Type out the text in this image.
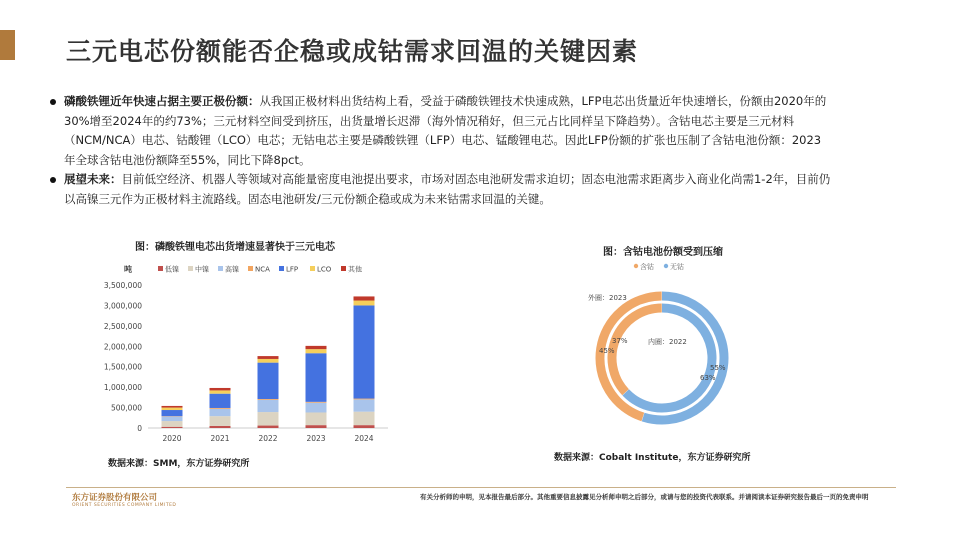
三元电芯份额能否企稳或成钴需求回温的关键因素
磷酸铁锂近年快速占据主要正极份额：从我国正极材料出货结构上看，受益于磷酸铁锂技术快速成熟，LFP电芯出货量近年快速增长，份额由2020年的
30%增至2024年的约73%；三元材料空间受到挤压，出货量增长迟滞（海外情况稍好，但三元占比同样呈下降趋势）。含钴电芯主要是三元材料
（NCM/NCA）电芯、钴酸锂（LCO）电芯；无钴电芯主要是磷酸铁锂（LFP）电芯、锰酸锂电芯。因此LFP份额的扩张也压制了含钴电池份额：2023
年全球含钴电池份额降至55%，同比下降8pct。
展望未来：目前低空经济、机器人等领域对高能量密度电池提出要求，市场对固态电池研发需求迫切；固态电池需求距离步入商业化尚需1-2年，目前仍
以高镍三元作为正极材料主流路线。固态电池研发/三元份额企稳或成为未来钴需求回温的关键。
图：磷酸铁锂电芯出货增速显著快于三元电芯
吨
0
500,000
1,000,000
1,500,000
2,000,000
2,500,000
3,000,000
3,500,000
低镍 中镍 高镍 NCA LFP	LCO 其他
2020	2021	2022	2023	2024
数据来源：SMM，东方证券研究所
图：含钴电池份额受到压缩
含钴 无钴
外圈：2023
内圈：2022
45%
55%
37%
63%
数据来源：Cobalt Institute，东方证券研究所
东方证券股份有限公司
ORIENT SECURITIES COMPANY LIMITED
有关分析师的申明，见本报告最后部分。其他重要信息披露见分析师申明之后部分，或请与您的投资代表联系。并请阅读本证券研究报告最后一页的免责申明
